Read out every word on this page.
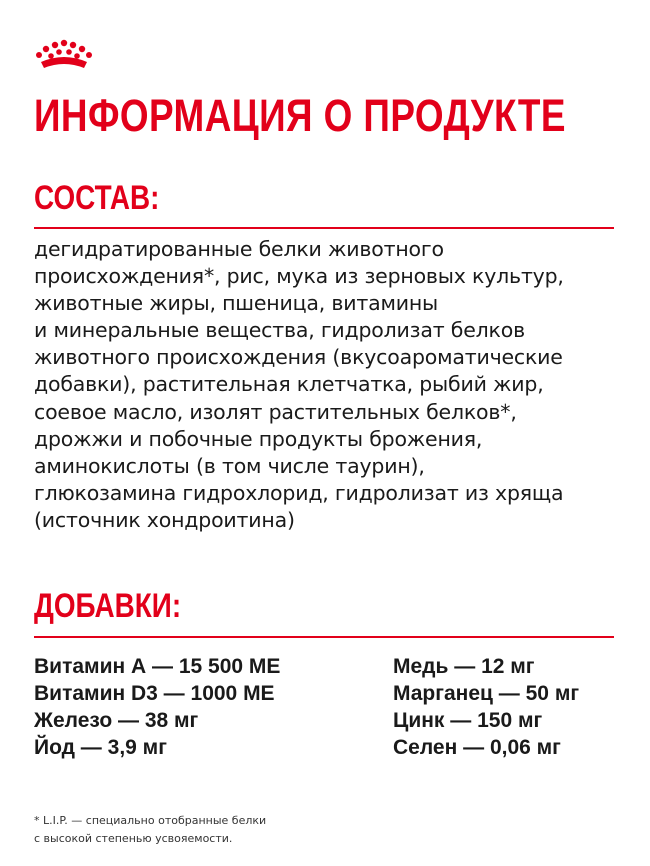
ИНФОРМАЦИЯ О ПРОДУКТЕ
СОСТАВ:
дегидратированные белки животного
происхождения*, рис, мука из зерновых культур,
животные жиры, пшеница, витамины
и минеральные вещества, гидролизат белков
животного происхождения (вкусоароматические
добавки), растительная клетчатка, рыбий жир,
соевое масло, изолят растительных белков*,
дрожжи и побочные продукты брожения,
аминокислоты (в том числе таурин),
глюкозамина гидрохлорид, гидролизат из хряща
(источник хондроитина)
ДОБАВКИ:
Витамин А — 15 500 МЕ
Витамин D3 — 1000 МЕ
Железо — 38 мг
Йод — 3,9 мг
Медь — 12 мг
Марганец — 50 мг
Цинк — 150 мг
Селен — 0,06 мг
* L.I.P. — специально отобранные белки
с высокой степенью усвояемости.
